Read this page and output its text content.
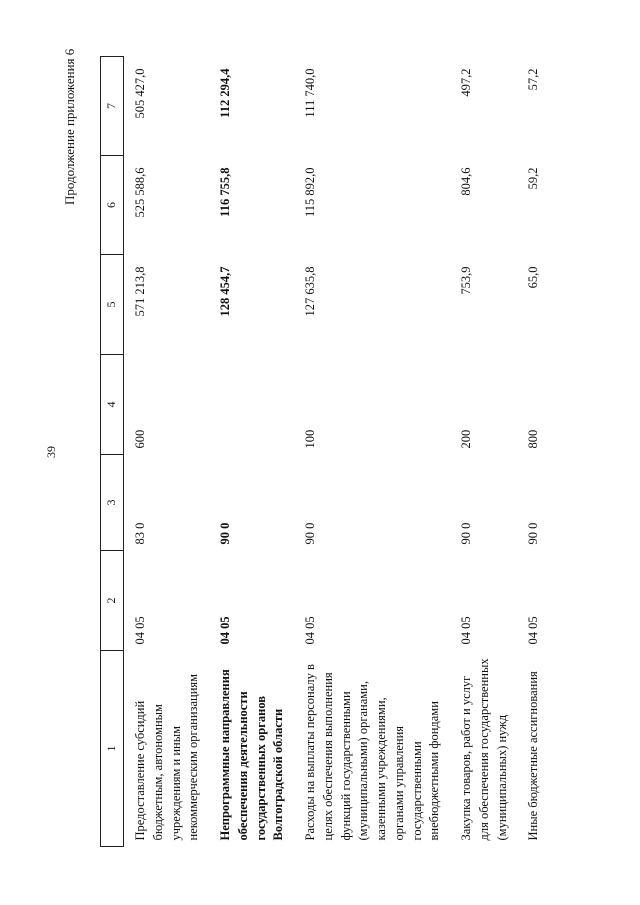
39
Продолжение приложения 6
1	2	3	4	5	6	7
Предоставление субсидий бюджетным, автономным учреждениям и иным некоммерческим организациям	04 05	83 0	600	571 213,8	525 588,6	505 427,0
Непрограммные направления обеспечения деятельности государственных органов Волгоградской области	04 05	90 0		128 454,7	116 755,8	112 294,4
Расходы на выплаты персоналу в целях обеспечения выполнения функций государственными (муниципальными) органами, казенными учреждениями, органами управления государственными внебюджетными фондами	04 05	90 0	100	127 635,8	115 892,0	111 740,0
Закупка товаров, работ и услуг для обеспечения государственных (муниципальных) нужд	04 05	90 0	200	753,9	804,6	497,2
Иные бюджетные ассигнования	04 05	90 0	800	65,0	59,2	57,2
